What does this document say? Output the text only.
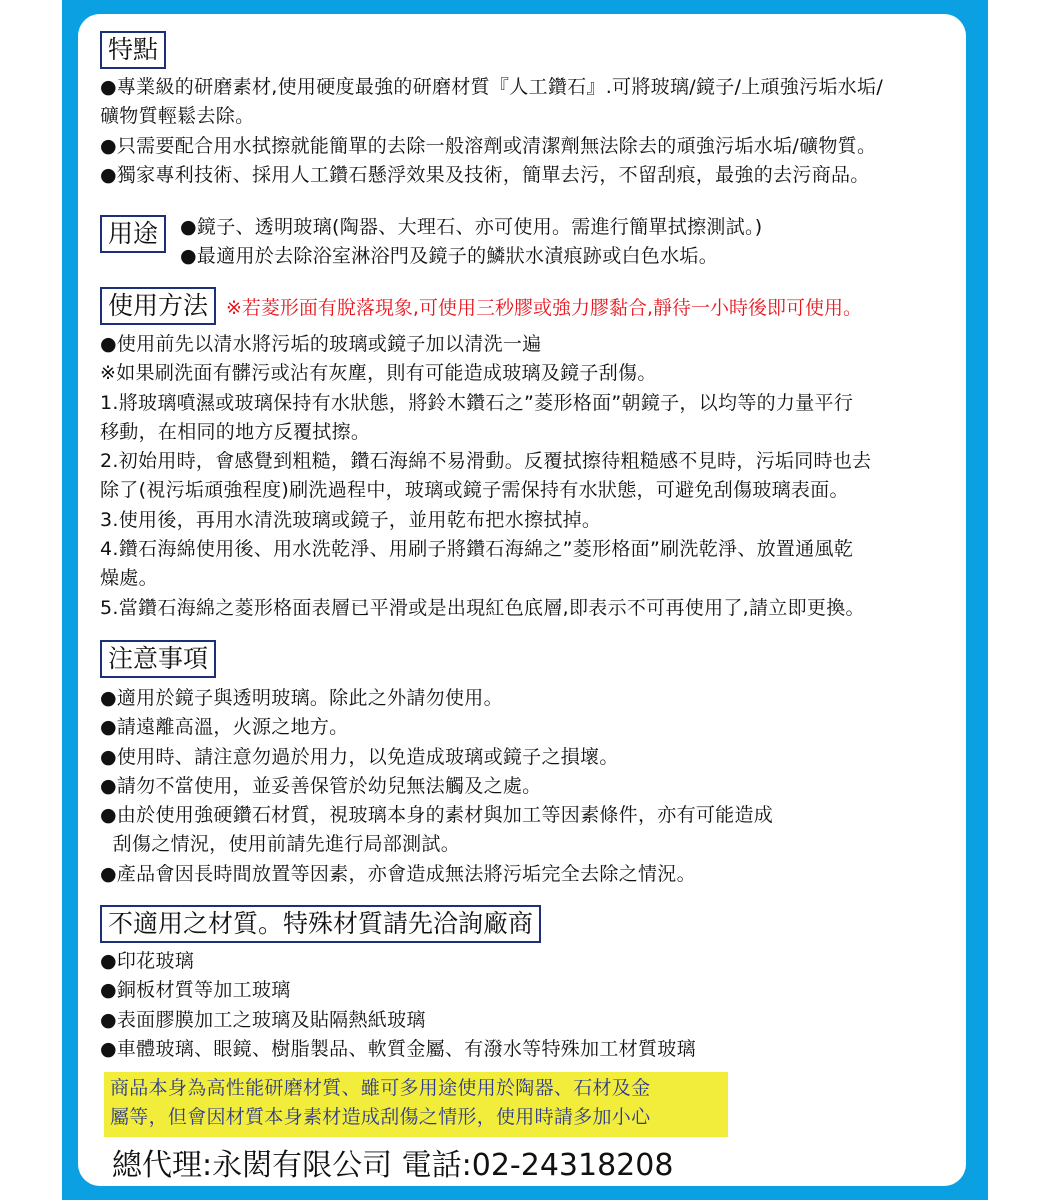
特點
●專業級的研磨素材,使用硬度最強的研磨材質『人工鑽石』.可將玻璃/鏡子/上頑強污垢水垢/
礦物質輕鬆去除。
●只需要配合用水拭擦就能簡單的去除一般溶劑或清潔劑無法除去的頑強污垢水垢/礦物質。
●獨家專利技術、採用人工鑽石懸浮效果及技術，簡單去污，不留刮痕，最強的去污商品。
用途	●鏡子、透明玻璃(陶器、大理石、亦可使用。需進行簡單拭擦測試。)
●最適用於去除浴室淋浴門及鏡子的鱗狀水漬痕跡或白色水垢。
使用方法 ※若菱形面有脫落現象,可使用三秒膠或強力膠黏合,靜待一小時後即可使用。
●使用前先以清水將污垢的玻璃或鏡子加以清洗一遍
※如果刷洗面有髒污或沾有灰塵，則有可能造成玻璃及鏡子刮傷。
1.將玻璃噴濕或玻璃保持有水狀態，將鈴木鑽石之”菱形格面”朝鏡子，以均等的力量平行
移動，在相同的地方反覆拭擦。
2.初始用時，會感覺到粗糙，鑽石海綿不易滑動。反覆拭擦待粗糙感不見時，污垢同時也去
除了(視污垢頑強程度)刷洗過程中，玻璃或鏡子需保持有水狀態，可避免刮傷玻璃表面。
3.使用後，再用水清洗玻璃或鏡子，並用乾布把水擦拭掉。
4.鑽石海綿使用後、用水洗乾淨、用刷子將鑽石海綿之”菱形格面”刷洗乾淨、放置通風乾
燥處。
5.當鑽石海綿之菱形格面表層已平滑或是出現紅色底層,即表示不可再使用了,請立即更換。
注意事項
●適用於鏡子與透明玻璃。除此之外請勿使用。
●請遠離高溫，火源之地方。
●使用時、請注意勿過於用力，以免造成玻璃或鏡子之損壞。
●請勿不當使用，並妥善保管於幼兒無法觸及之處。
●由於使用強硬鑽石材質，視玻璃本身的素材與加工等因素條件，亦有可能造成
刮傷之情況，使用前請先進行局部測試。
●產品會因長時間放置等因素，亦會造成無法將污垢完全去除之情況。
不適用之材質。特殊材質請先洽詢廠商
●印花玻璃
●銅板材質等加工玻璃
●表面膠膜加工之玻璃及貼隔熱紙玻璃
●車體玻璃、眼鏡、樹脂製品、軟質金屬、有潑水等特殊加工材質玻璃
商品本身為高性能研磨材質、雖可多用途使用於陶器、石材及金
屬等，但會因材質本身素材造成刮傷之情形，使用時請多加小心
總代理:永閎有限公司 電話:02-24318208
